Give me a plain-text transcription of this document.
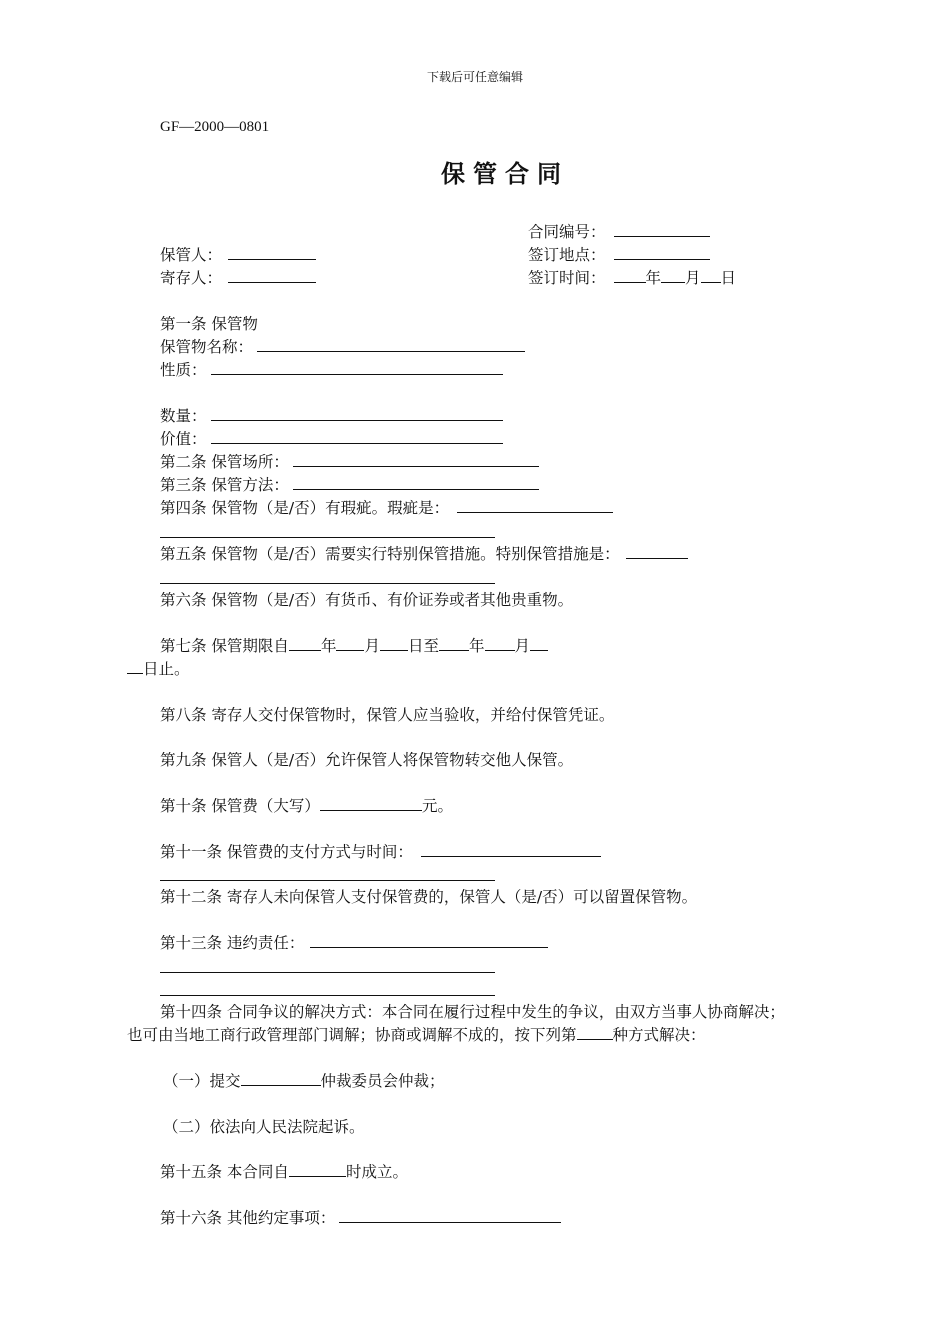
下载后可任意编辑
GF—2000—0801
保管合同
合同编号：
签订地点：
签订时间：	年 月 日
保管人：
寄存人：
第一条 保管物
保管物名称：
性质：
数量：
价值：
第二条 保管场所：
第三条 保管方法：
第四条 保管物（是/否）有瑕疵。瑕疵是：
第五条 保管物（是/否）需要实行特别保管措施。特别保管措施是：
第六条 保管物（是/否）有货币、有价证券或者其他贵重物。
第七条 保管期限自 年 月 日至 年 月
日止。
第八条 寄存人交付保管物时，保管人应当验收，并给付保管凭证。
第九条 保管人（是/否）允许保管人将保管物转交他人保管。
第十条 保管费（大写）	元。
第十一条 保管费的支付方式与时间：
第十二条 寄存人未向保管人支付保管费的，保管人（是/否）可以留置保管物。
第十三条 违约责任：
第十四条 合同争议的解决方式：本合同在履行过程中发生的争议，由双方当事人协商解决；
也可由当地工商行政管理部门调解；协商或调解不成的，按下列第 种方式解决：
（一）提交	仲裁委员会仲裁；
（二）依法向人民法院起诉。
第十五条 本合同自	时成立。
第十六条 其他约定事项：
